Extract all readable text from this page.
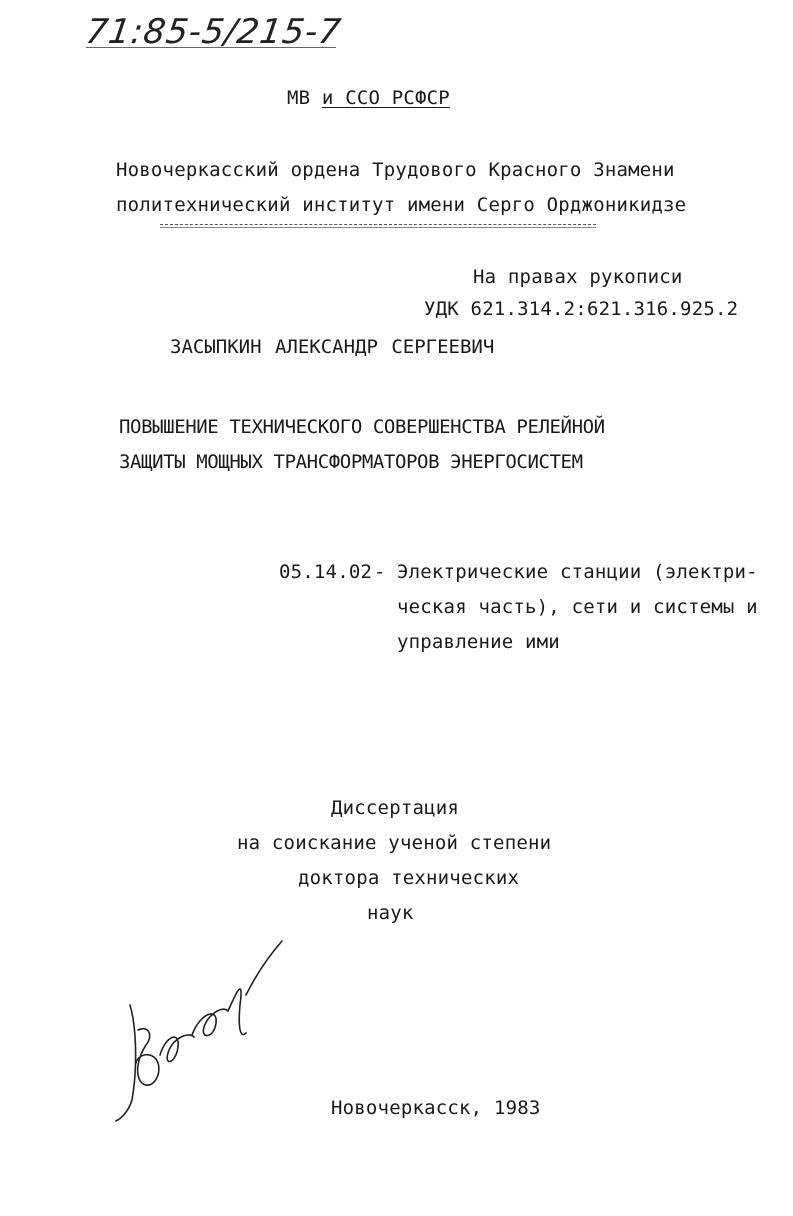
71:85-5/215-7
МВ и ССО РСФСР
Новочеркасский ордена Трудового Красного Знамени
политехнический институт имени Серго Орджоникидзе
На правах рукописи
УДК 621.314.2:621.316.925.2
ЗАСЫПКИН АЛЕКСАНДР СЕРГЕЕВИЧ
ПОВЫШЕНИЕ ТЕХНИЧЕСКОГО СОВЕРШЕНСТВА РЕЛЕЙНОЙ
ЗАЩИТЫ МОЩНЫХ ТРАНСФОРМАТОРОВ ЭНЕРГОСИСТЕМ
05.14.02 - Электрические станции (электри-
ческая часть), сети и системы и
управление ими
Диссертация
на соискание ученой степени
доктора технических
наук
Зас
Новочеркасск, 1983
